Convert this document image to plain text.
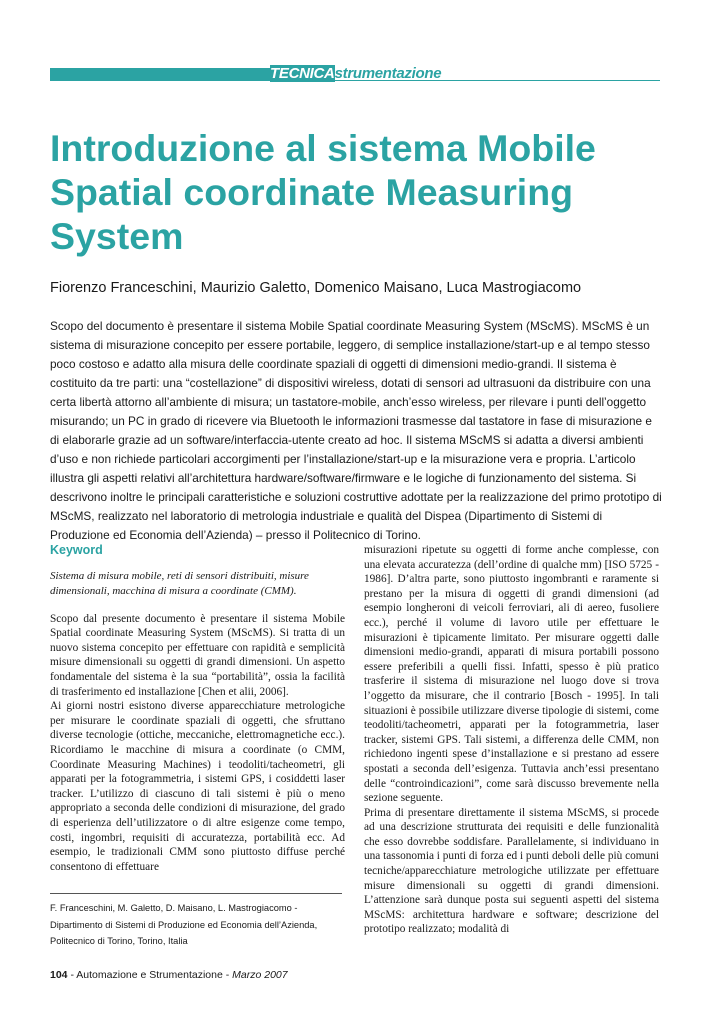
TECNICAstrumentazione
Introduzione al sistema Mobile Spatial coordinate Measuring System
Fiorenzo Franceschini, Maurizio Galetto, Domenico Maisano, Luca Mastrogiacomo
Scopo del documento è presentare il sistema Mobile Spatial coordinate Measuring System (MScMS). MScMS è un sistema di misurazione concepito per essere portabile, leggero, di semplice installazione/start-up e al tempo stesso poco costoso e adatto alla misura delle coordinate spaziali di oggetti di dimensioni medio-grandi. Il sistema è costituito da tre parti: una “costellazione” di dispositivi wireless, dotati di sensori ad ultrasuoni da distribuire con una certa libertà attorno all’ambiente di misura; un tastatore-mobile, anch’esso wireless, per rilevare i punti dell’oggetto misurando; un PC in grado di ricevere via Bluetooth le informazioni trasmesse dal tastatore in fase di misurazione e di elaborarle grazie ad un software/interfaccia-utente creato ad hoc. Il sistema MScMS si adatta a diversi ambienti d’uso e non richiede particolari accorgimenti per l’installazione/start-up e la misurazione vera e propria. L’articolo illustra gli aspetti relativi all’architettura hardware/software/firmware e le logiche di funzionamento del sistema. Si descrivono inoltre le principali caratteristiche e soluzioni costruttive adottate per la realizzazione del primo prototipo di MScMS, realizzato nel laboratorio di metrologia industriale e qualità del Dispea (Dipartimento di Sistemi di Produzione ed Economia dell’Azienda) – presso il Politecnico di Torino.
Keyword
Sistema di misura mobile, reti di sensori distribuiti, misure dimensionali, macchina di misura a coordinate (CMM).

Scopo dal presente documento è presentare il sistema Mobile Spatial coordinate Measuring System (MScMS). Si tratta di un nuovo sistema concepito per effettuare con rapidità e semplicità misure dimensionali su oggetti di grandi dimensioni. Un aspetto fondamentale del sistema è la sua “portabilità”, ossia la facilità di trasferimento ed installazione [Chen et alii, 2006].

Ai giorni nostri esistono diverse apparecchiature metrologiche per misurare le coordinate spaziali di oggetti, che sfruttano diverse tecnologie (ottiche, meccaniche, elettromagnetiche ecc.). Ricordiamo le macchine di misura a coordinate (o CMM, Coordinate Measuring Machines) i teodoliti/tacheometri, gli apparati per la fotogrammetria, i sistemi GPS, i cosiddetti laser tracker. L’utilizzo di ciascuno di tali sistemi è più o meno appropriato a seconda delle condizioni di misurazione, del grado di esperienza dell’utilizzatore o di altre esigenze come tempo, costi, ingombri, requisiti di accuratezza, portabilità ecc. Ad esempio, le tradizionali CMM sono piuttosto diffuse perché consentono di effettuare

misurazioni ripetute su oggetti di forme anche complesse, con una elevata accuratezza (dell’ordine di qualche mm) [ISO 5725 - 1986]. D’altra parte, sono piuttosto ingombranti e raramente si prestano per la misura di oggetti di grandi dimensioni (ad esempio longheroni di veicoli ferroviari, ali di aereo, fusoliere ecc.), perché il volume di lavoro utile per effettuare le misurazioni è tipicamente limitato. Per misurare oggetti dalle dimensioni medio-grandi, apparati di misura portabili possono essere preferibili a quelli fissi. Infatti, spesso è più pratico trasferire il sistema di misurazione nel luogo dove si trova l’oggetto da misurare, che il contrario [Bosch - 1995]. In tali situazioni è possibile utilizzare diverse tipologie di sistemi, come teodoliti/tacheometri, apparati per la fotogrammetria, laser tracker, sistemi GPS. Tali sistemi, a differenza delle CMM, non richiedono ingenti spese d’installazione e si prestano ad essere spostati a seconda dell’esigenza. Tuttavia anch’essi presentano delle “controindicazioni”, come sarà discusso brevemente nella sezione seguente.

Prima di presentare direttamente il sistema MScMS, si procede ad una descrizione strutturata dei requisiti e delle funzionalità che esso dovrebbe soddisfare. Parallelamente, si individuano in una tassonomia i punti di forza ed i punti deboli delle più comuni tecniche/apparecchiature metrologiche utilizzate per effettuare misure dimensionali su oggetti di grandi dimensioni. L’attenzione sarà dunque posta sui seguenti aspetti del sistema MScMS: architettura hardware e software; descrizione del prototipo realizzato; modalità di

F. Franceschini, M. Galetto, D. Maisano, L. Mastrogiacomo - Dipartimento di Sistemi di Produzione ed Economia dell’Azienda, Politecnico di Torino, Torino, Italia
104 - Automazione e Strumentazione - Marzo 2007
